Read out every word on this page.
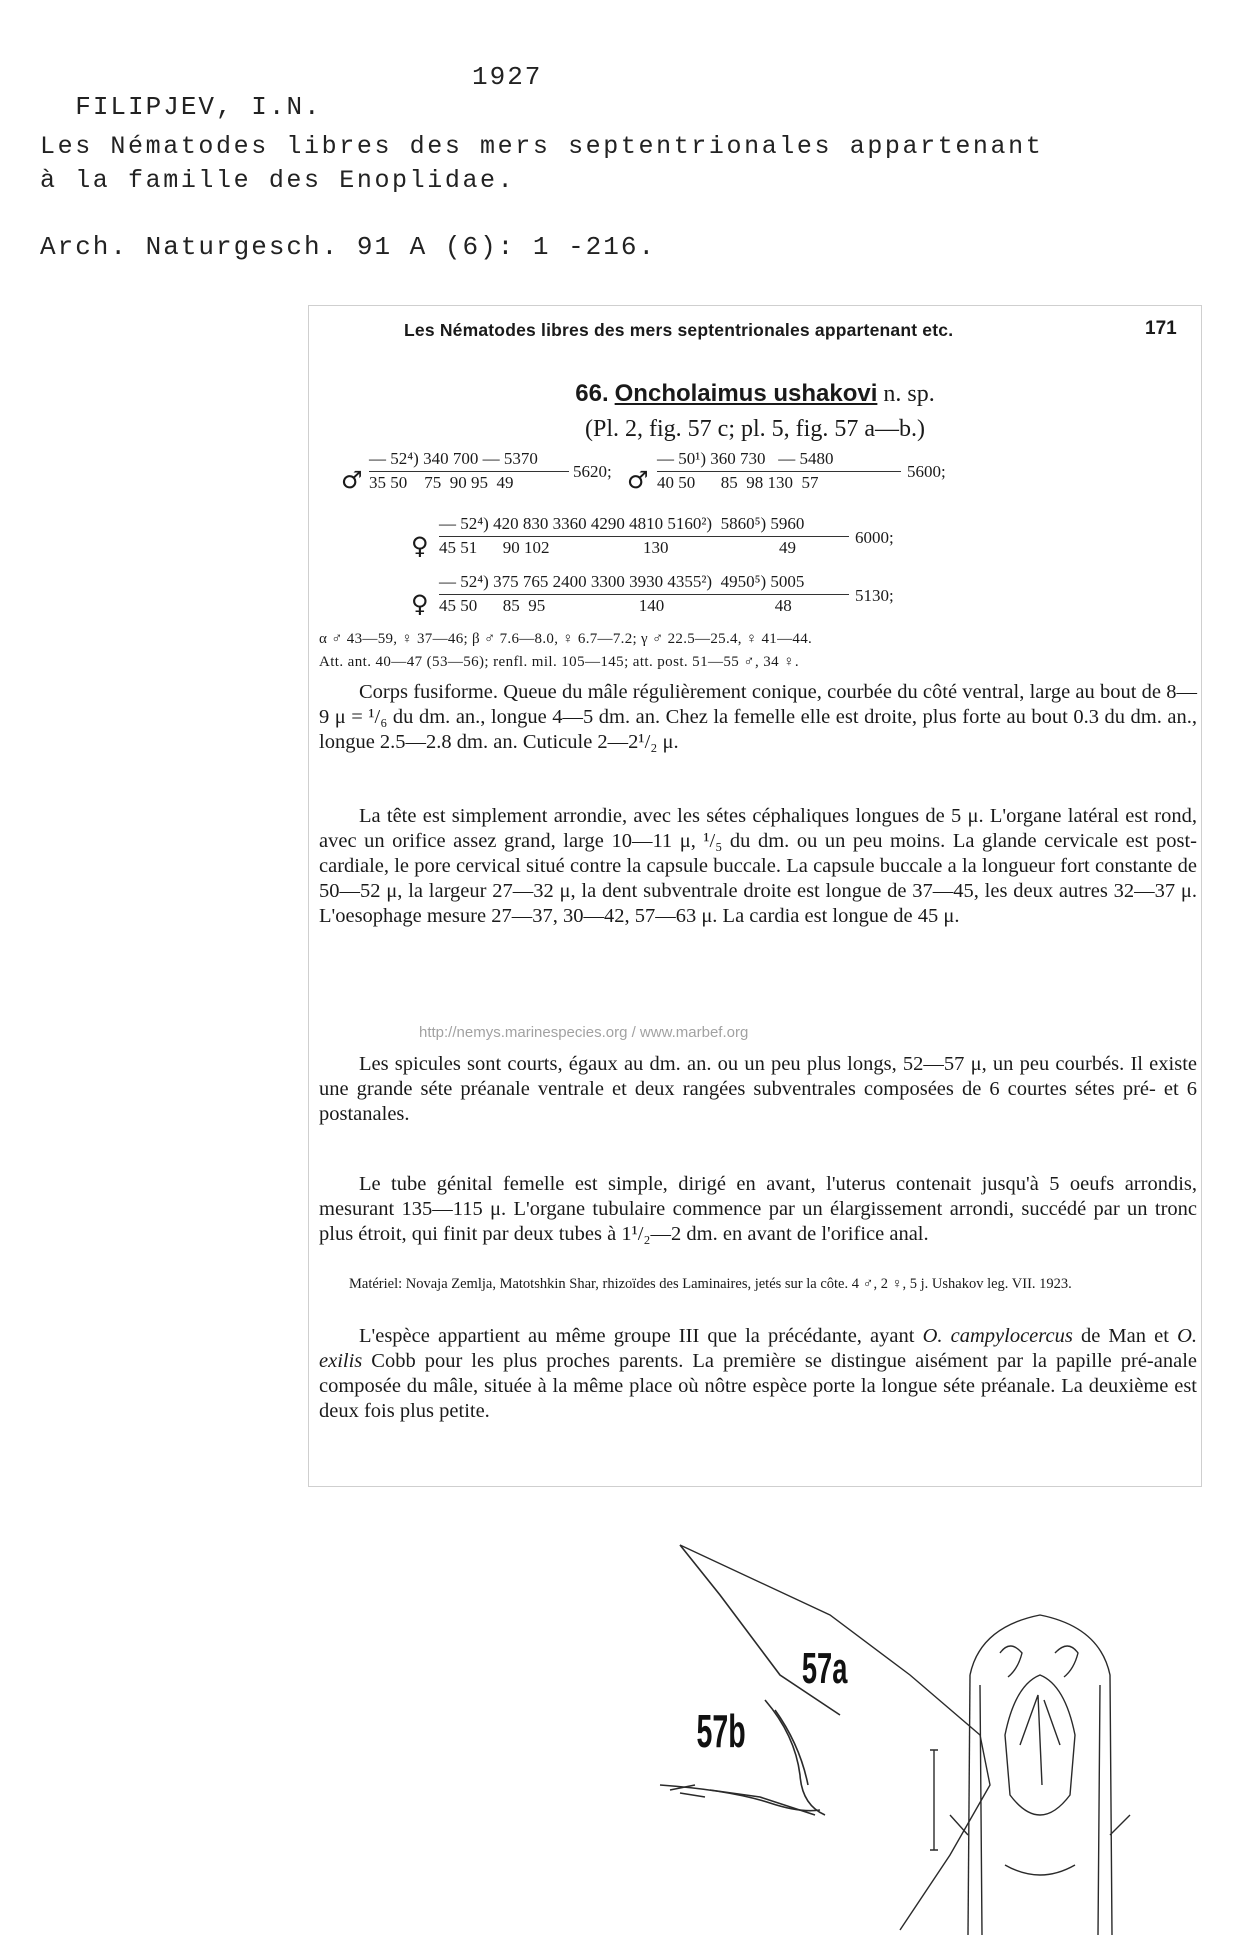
FILIPJEV, I.N.

1927

Les Nématodes libres des mers septentrionales appartenant
à la famille des Enoplidae.
Arch. Naturgesch. 91 A (6): 1 -216.
Les Nématodes libres des mers septentrionales appartenant etc.	171
66. Oncholaimus ushakovi n. sp.
(Pl. 2, fig. 57 c; pl. 5, fig. 57 a—b.)
♂

— 52⁴) 340 700 — 5370

35 50    75  90 95  49

5620; ♂

— 50¹) 360 730   — 5480

40 50      85  98 130  57

5600;
♀

— 52⁴) 420 830 3360 4290 4810 5160²)  5860⁵) 5960

45 51      90 102                      130                          49

6000;
♀

— 52⁴) 375 765 2400 3300 3930 4355²)  4950⁵) 5005

45 50      85  95                      140                          48

5130;
α ♂ 43—59, ♀ 37—46; β ♂ 7.6—8.0, ♀ 6.7—7.2; γ ♂ 22.5—25.4, ♀ 41—44.
Att. ant. 40—47 (53—56); renfl. mil. 105—145; att. post. 51—55 ♂, 34 ♀.
Corps fusiforme. Queue du mâle régulièrement conique, courbée du côté ventral, large au bout de 8—9 μ = ¹/₆ du dm. an., longue 4—5 dm. an. Chez la femelle elle est droite, plus forte au bout 0.3 du dm. an., longue 2.5—2.8 dm. an. Cuticule 2—2¹/₂ μ.
La tête est simplement arrondie, avec les sétes céphaliques longues de 5 μ. L'organe latéral est rond, avec un orifice assez grand, large 10—11 μ, ¹/₅ du dm. ou un peu moins. La glande cervicale est post-cardiale, le pore cervical situé contre la capsule buccale. La capsule buccale a la longueur fort constante de 50—52 μ, la largeur 27—32 μ, la dent subventrale droite est longue de 37—45, les deux autres 32—37 μ. L'oesophage mesure 27—37, 30—42, 57—63 μ. La cardia est longue de 45 μ.
Les spicules sont courts, égaux au dm. an. ou un peu plus longs, 52—57 μ, un peu courbés. Il existe une grande séte préanale ventrale et deux rangées subventrales composées de 6 courtes sétes pré- et 6 postanales.
Le tube génital femelle est simple, dirigé en avant, l'uterus contenait jusqu'à 5 oeufs arrondis, mesurant 135—115 μ. L'organe tubulaire commence par un élargissement arrondi, succédé par un tronc plus étroit, qui finit par deux tubes à 1¹/₂—2 dm. en avant de l'orifice anal.
Matériel: Novaja Zemlja, Matotshkin Shar, rhizoïdes des Laminaires, jetés sur la côte. 4 ♂, 2 ♀, 5 j. Ushakov leg. VII. 1923.
L'espèce appartient au même groupe III que la précédante, ayant O. campylocercus de Man et O. exilis Cobb pour les plus proches parents. La première se distingue aisément par la papille pré-anale composée du mâle, située à la même place où nôtre espèce porte la longue séte préanale. La deuxième est deux fois plus petite.
http://nemys.marinespecies.org / www.marbef.org
57a
57b
